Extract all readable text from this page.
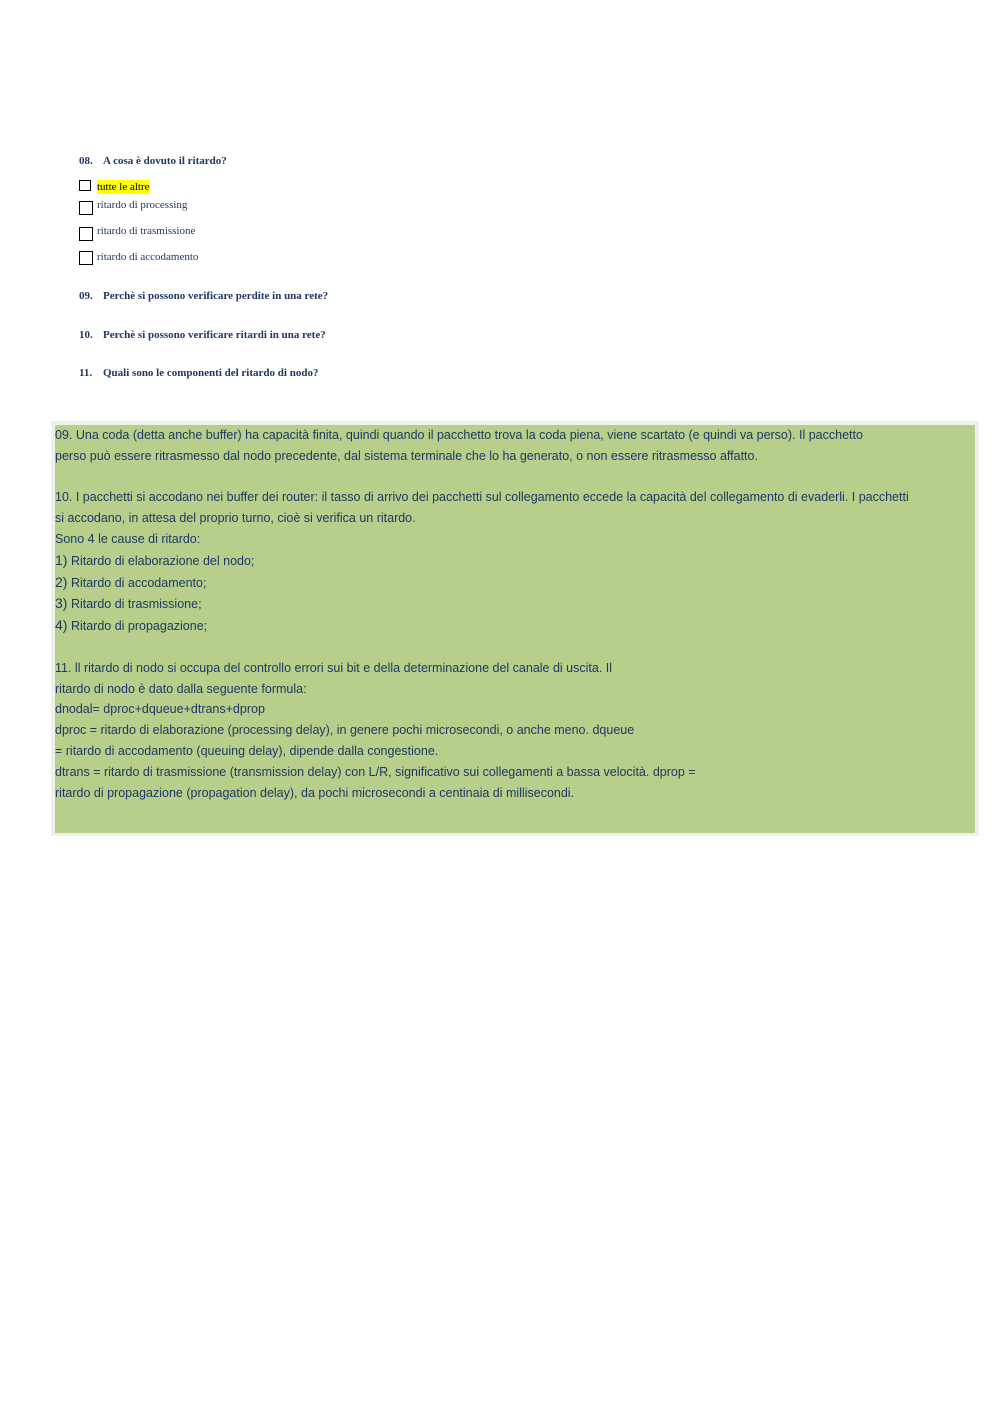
08. A cosa è dovuto il ritardo?
tutte le altre
ritardo di processing
ritardo di trasmissione
ritardo di accodamento
09. Perchè si possono verificare perdite in una rete?
10. Perchè si possono verificare ritardi in una rete?
11. Quali sono le componenti del ritardo di nodo?

09. Una coda (detta anche buffer) ha capacità finita, quindi quando il pacchetto trova la coda piena, viene scartato (e quindi va perso). Il pacchetto

perso può essere ritrasmesso dal nodo precedente, dal sistema terminale che lo ha generato, o non essere ritrasmesso affatto.

10. I pacchetti si accodano nei buffer dei router: il tasso di arrivo dei pacchetti sul collegamento eccede la capacità del collegamento di evaderli. I pacchetti

si accodano, in attesa del proprio turno, cioè si verifica un ritardo.

Sono 4 le cause di ritardo:

1) Ritardo di elaborazione del nodo;

2) Ritardo di accodamento;

3) Ritardo di trasmissione;

4) Ritardo di propagazione;

11. ll ritardo di nodo si occupa del controllo errori sui bit e della determinazione del canale di uscita. Il

ritardo di nodo è dato dalla seguente formula:

dnodal= dproc+dqueue+dtrans+dprop

dproc = ritardo di elaborazione (processing delay), in genere pochi microsecondi, o anche meno. dqueue

= ritardo di accodamento (queuing delay), dipende dalla congestione.

dtrans = ritardo di trasmissione (transmission delay) con L/R, significativo sui collegamenti a bassa velocità. dprop =

ritardo di propagazione (propagation delay), da pochi microsecondi a centinaia di millisecondi.
